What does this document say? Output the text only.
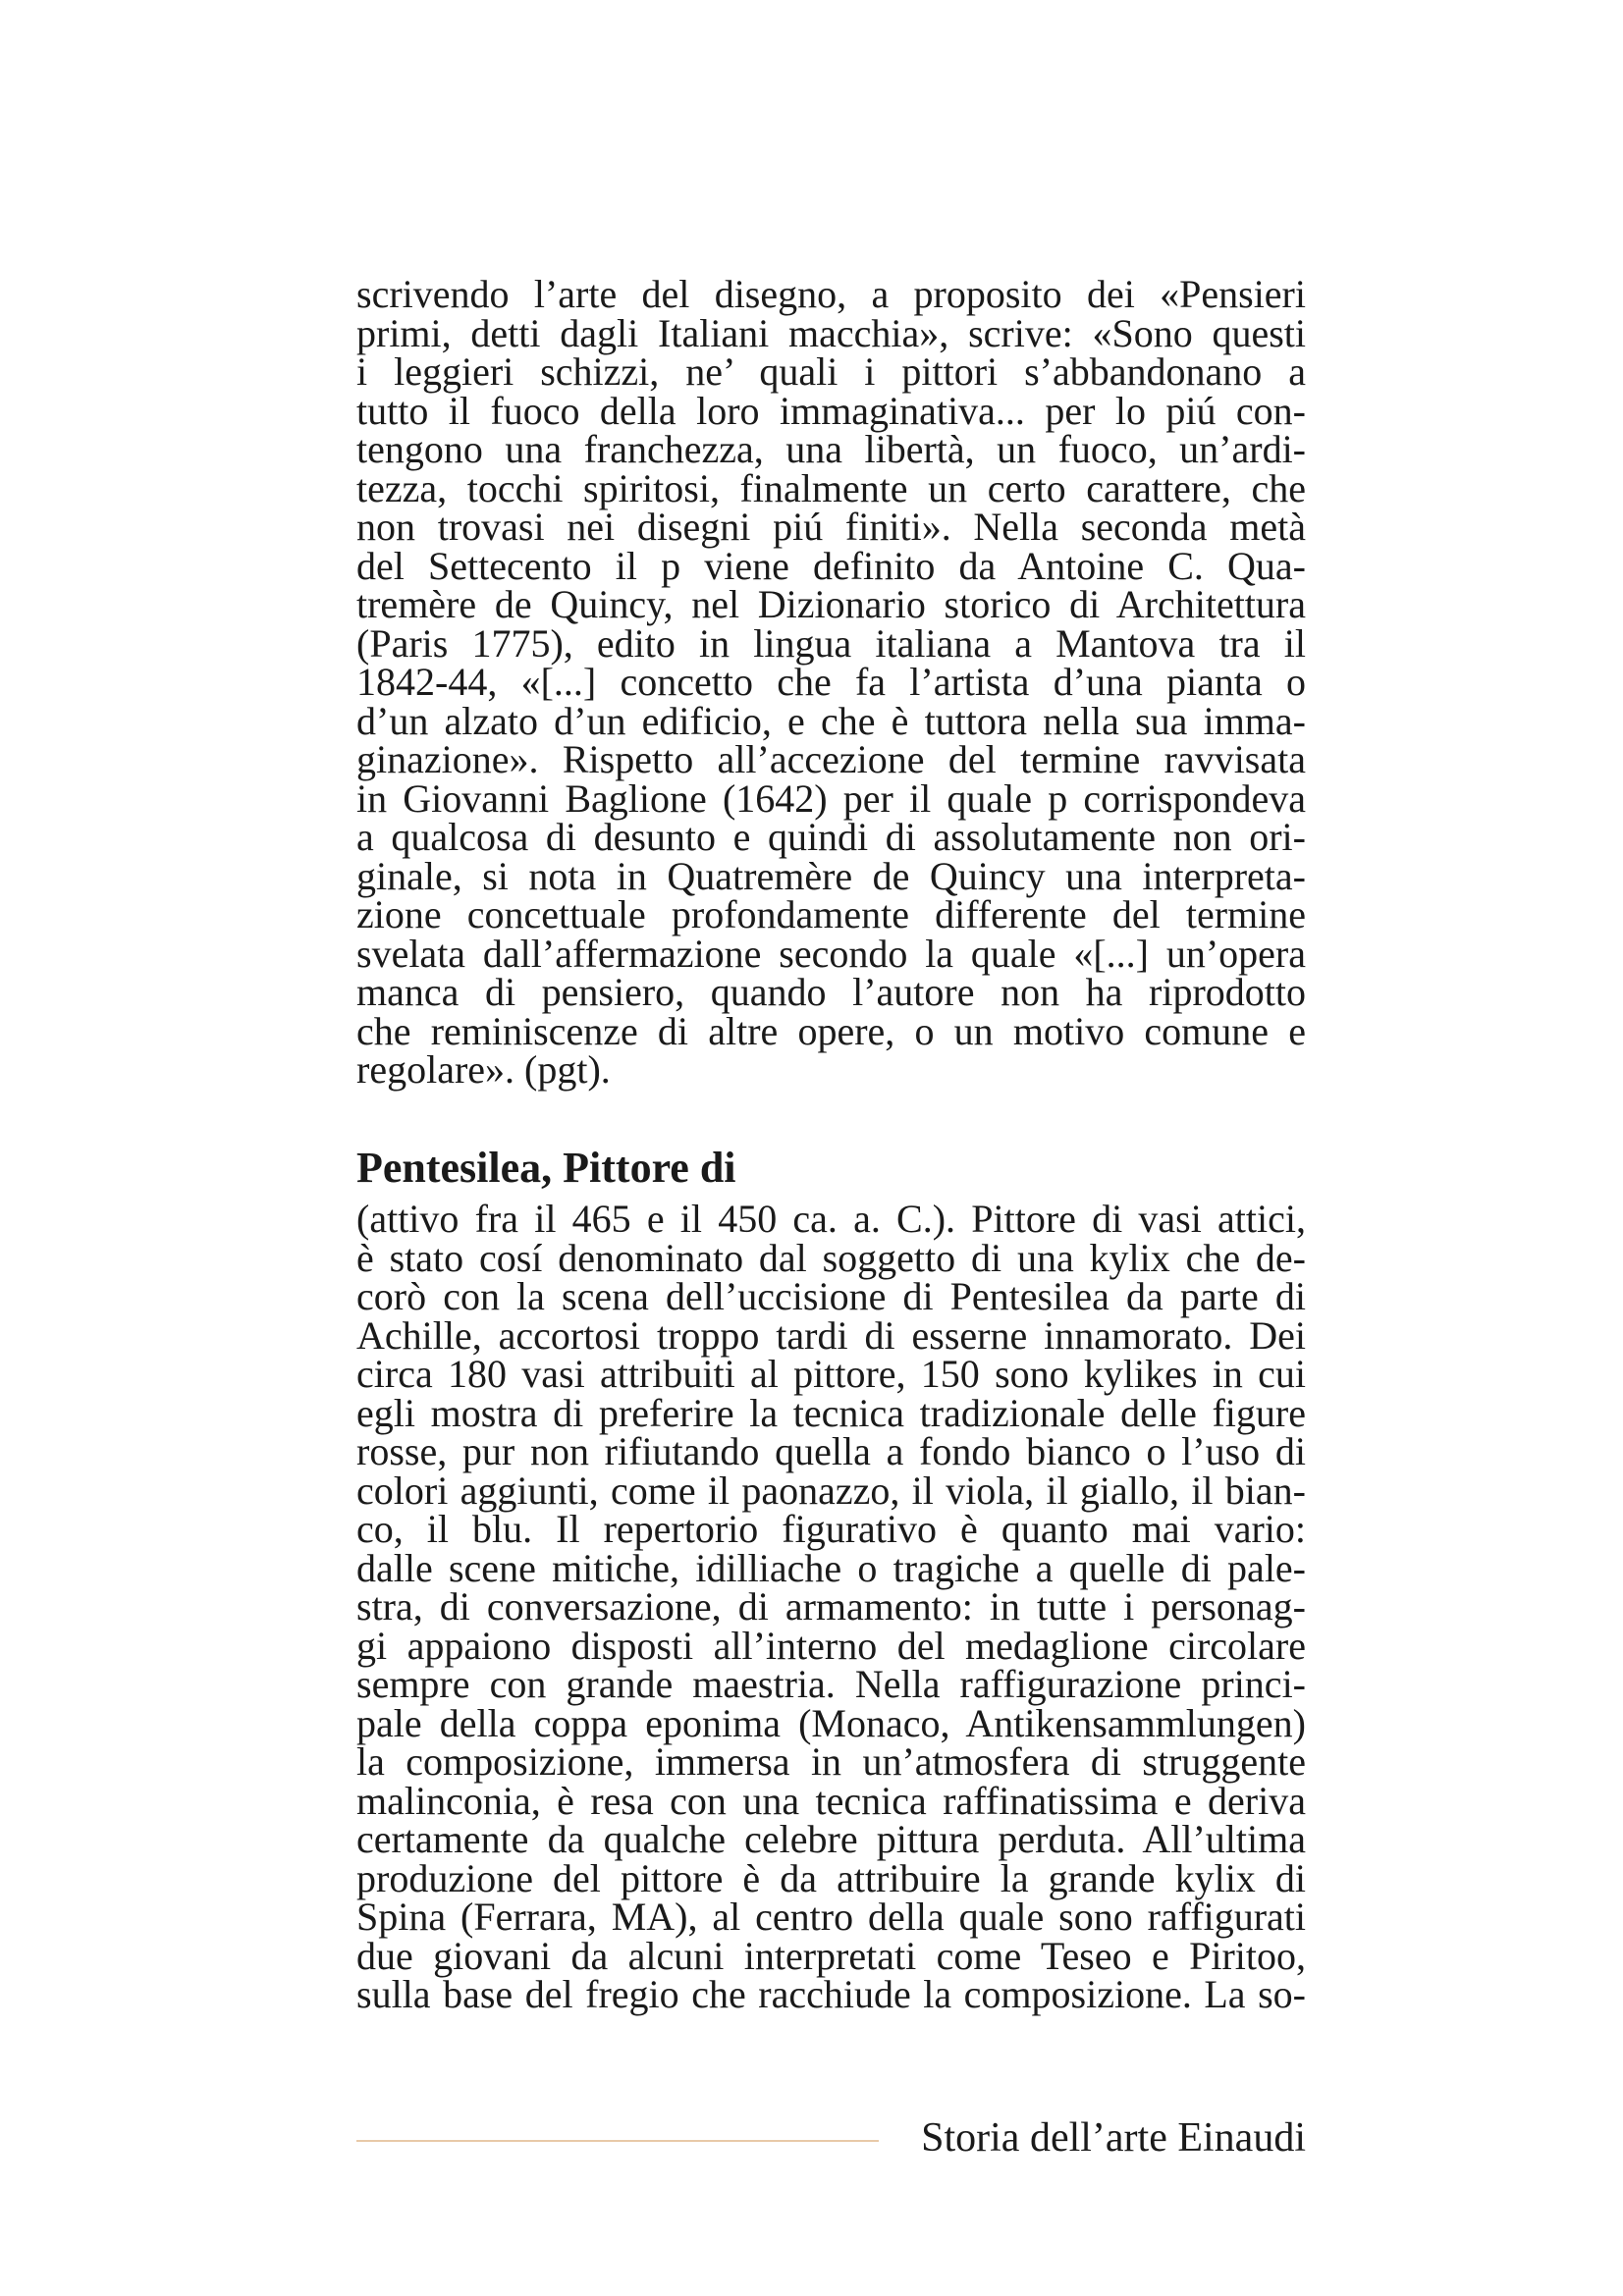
scrivendo l’arte del disegno, a proposito dei «Pensieri
primi, detti dagli Italiani macchia», scrive: «Sono questi
i leggieri schizzi, ne’ quali i pittori s’abbandonano a
tutto il fuoco della loro immaginativa... per lo piú con-
tengono una franchezza, una libertà, un fuoco, un’ardi-
tezza, tocchi spiritosi, finalmente un certo carattere, che
non trovasi nei disegni piú finiti». Nella seconda metà
del Settecento il p viene definito da Antoine C. Qua-
tremère de Quincy, nel Dizionario storico di Architettura
(Paris 1775), edito in lingua italiana a Mantova tra il
1842-44, «[...] concetto che fa l’artista d’una pianta o
d’un alzato d’un edificio, e che è tuttora nella sua imma-
ginazione». Rispetto all’accezione del termine ravvisata
in Giovanni Baglione (1642) per il quale p corrispondeva
a qualcosa di desunto e quindi di assolutamente non ori-
ginale, si nota in Quatremère de Quincy una interpreta-
zione concettuale profondamente differente del termine
svelata dall’affermazione secondo la quale «[...] un’opera
manca di pensiero, quando l’autore non ha riprodotto
che reminiscenze di altre opere, o un motivo comune e
regolare». (pgt).
Pentesilea, Pittore di
(attivo fra il 465 e il 450 ca. a. C.). Pittore di vasi attici,
è stato cosí denominato dal soggetto di una kylix che de-
corò con la scena dell’uccisione di Pentesilea da parte di
Achille, accortosi troppo tardi di esserne innamorato. Dei
circa 180 vasi attribuiti al pittore, 150 sono kylikes in cui
egli mostra di preferire la tecnica tradizionale delle figure
rosse, pur non rifiutando quella a fondo bianco o l’uso di
colori aggiunti, come il paonazzo, il viola, il giallo, il bian-
co, il blu. Il repertorio figurativo è quanto mai vario:
dalle scene mitiche, idilliache o tragiche a quelle di pale-
stra, di conversazione, di armamento: in tutte i personag-
gi appaiono disposti all’interno del medaglione circolare
sempre con grande maestria. Nella raffigurazione princi-
pale della coppa eponima (Monaco, Antikensammlungen)
la composizione, immersa in un’atmosfera di struggente
malinconia, è resa con una tecnica raffinatissima e deriva
certamente da qualche celebre pittura perduta. All’ultima
produzione del pittore è da attribuire la grande kylix di
Spina (Ferrara, MA), al centro della quale sono raffigurati
due giovani da alcuni interpretati come Teseo e Piritoo,
sulla base del fregio che racchiude la composizione. La so-
Storia dell’arte Einaudi
